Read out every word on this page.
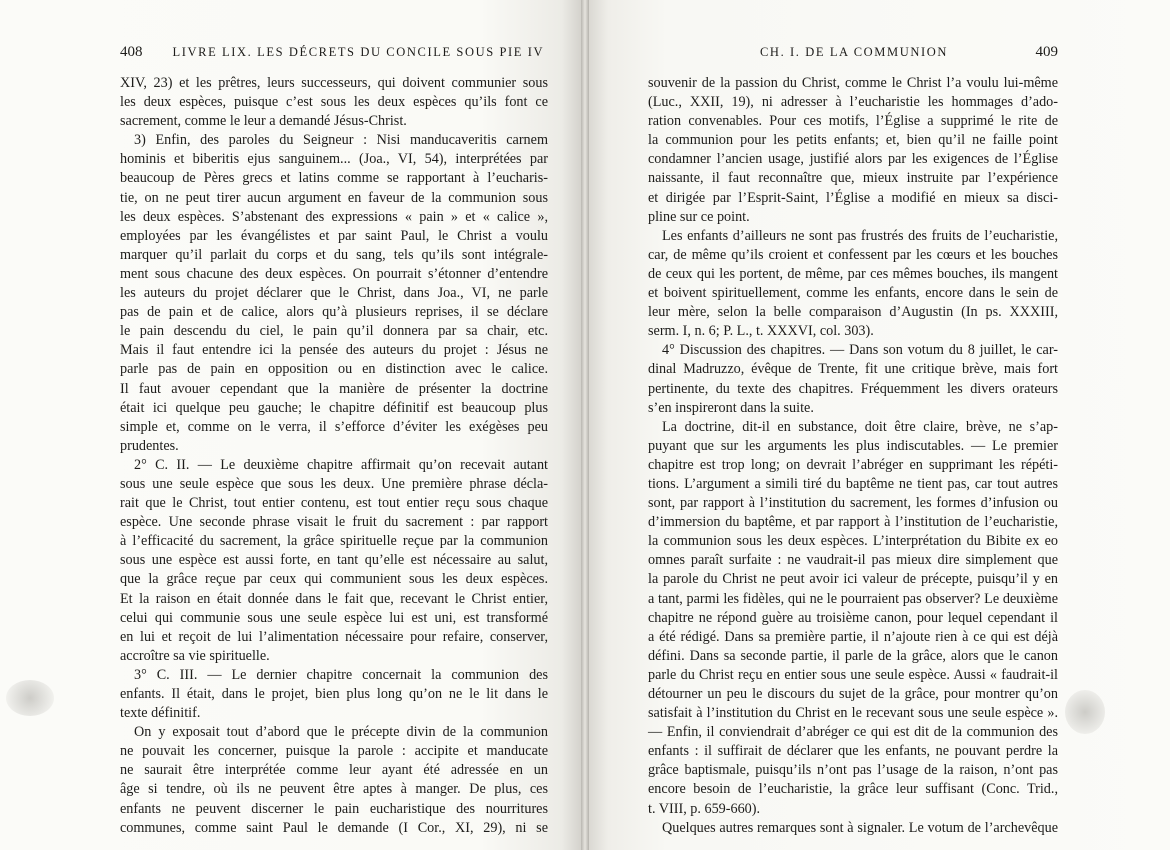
408 LIVRE LIX. LES DÉCRETS DU CONCILE SOUS PIE IV	CH. I. DE LA COMMUNION	409
XIV, 23) et les prêtres, leurs successeurs, qui doivent communier sous
les deux espèces, puisque c’est sous les deux espèces qu’ils font ce
sacrement, comme le leur a demandé Jésus-Christ.
3) Enfin, des paroles du Seigneur : Nisi manducaveritis carnem
hominis et biberitis ejus sanguinem... (Joa., VI, 54), interprétées par
beaucoup de Pères grecs et latins comme se rapportant à l’eucharis-
tie, on ne peut tirer aucun argument en faveur de la communion sous
les deux espèces. S’abstenant des expressions « pain » et « calice »,
employées par les évangélistes et par saint Paul, le Christ a voulu
marquer qu’il parlait du corps et du sang, tels qu’ils sont intégrale-
ment sous chacune des deux espèces. On pourrait s’étonner d’entendre
les auteurs du projet déclarer que le Christ, dans Joa., VI, ne parle
pas de pain et de calice, alors qu’à plusieurs reprises, il se déclare
le pain descendu du ciel, le pain qu’il donnera par sa chair, etc.
Mais il faut entendre ici la pensée des auteurs du projet : Jésus ne
parle pas de pain en opposition ou en distinction avec le calice.
Il faut avouer cependant que la manière de présenter la doctrine
était ici quelque peu gauche; le chapitre définitif est beaucoup plus
simple et, comme on le verra, il s’efforce d’éviter les exégèses peu
prudentes.
2° C. II. — Le deuxième chapitre affirmait qu’on recevait autant
sous une seule espèce que sous les deux. Une première phrase décla-
rait que le Christ, tout entier contenu, est tout entier reçu sous chaque
espèce. Une seconde phrase visait le fruit du sacrement : par rapport
à l’efficacité du sacrement, la grâce spirituelle reçue par la communion
sous une espèce est aussi forte, en tant qu’elle est nécessaire au salut,
que la grâce reçue par ceux qui communient sous les deux espèces.
Et la raison en était donnée dans le fait que, recevant le Christ entier,
celui qui communie sous une seule espèce lui est uni, est transformé
en lui et reçoit de lui l’alimentation nécessaire pour refaire, conserver,
accroître sa vie spirituelle.
3° C. III. — Le dernier chapitre concernait la communion des
enfants. Il était, dans le projet, bien plus long qu’on ne le lit dans le
texte définitif.
On y exposait tout d’abord que le précepte divin de la communion
ne pouvait les concerner, puisque la parole : accipite et manducate
ne saurait être interprétée comme leur ayant été adressée en un
âge si tendre, où ils ne peuvent être aptes à manger. De plus, ces
enfants ne peuvent discerner le pain eucharistique des nourritures
communes, comme saint Paul le demande (I Cor., XI, 29), ni se
souvenir de la passion du Christ, comme le Christ l’a voulu lui-même
(Luc., XXII, 19), ni adresser à l’eucharistie les hommages d’ado-
ration convenables. Pour ces motifs, l’Église a supprimé le rite de
la communion pour les petits enfants; et, bien qu’il ne faille point
condamner l’ancien usage, justifié alors par les exigences de l’Église
naissante, il faut reconnaître que, mieux instruite par l’expérience
et dirigée par l’Esprit-Saint, l’Église a modifié en mieux sa disci-
pline sur ce point.
Les enfants d’ailleurs ne sont pas frustrés des fruits de l’eucharistie,
car, de même qu’ils croient et confessent par les cœurs et les bouches
de ceux qui les portent, de même, par ces mêmes bouches, ils mangent
et boivent spirituellement, comme les enfants, encore dans le sein de
leur mère, selon la belle comparaison d’Augustin (In ps. XXXIII,
serm. I, n. 6; P. L., t. XXXVI, col. 303).
4° Discussion des chapitres. — Dans son votum du 8 juillet, le car-
dinal Madruzzo, évêque de Trente, fit une critique brève, mais fort
pertinente, du texte des chapitres. Fréquemment les divers orateurs
s’en inspireront dans la suite.
La doctrine, dit-il en substance, doit être claire, brève, ne s’ap-
puyant que sur les arguments les plus indiscutables. — Le premier
chapitre est trop long; on devrait l’abréger en supprimant les répéti-
tions. L’argument a simili tiré du baptême ne tient pas, car tout autres
sont, par rapport à l’institution du sacrement, les formes d’infusion ou
d’immersion du baptême, et par rapport à l’institution de l’eucharistie,
la communion sous les deux espèces. L’interprétation du Bibite ex eo
omnes paraît surfaite : ne vaudrait-il pas mieux dire simplement que
la parole du Christ ne peut avoir ici valeur de précepte, puisqu’il y en
a tant, parmi les fidèles, qui ne le pourraient pas observer? Le deuxième
chapitre ne répond guère au troisième canon, pour lequel cependant il
a été rédigé. Dans sa première partie, il n’ajoute rien à ce qui est déjà
défini. Dans sa seconde partie, il parle de la grâce, alors que le canon
parle du Christ reçu en entier sous une seule espèce. Aussi « faudrait-il
détourner un peu le discours du sujet de la grâce, pour montrer qu’on
satisfait à l’institution du Christ en le recevant sous une seule espèce ».
— Enfin, il conviendrait d’abréger ce qui est dit de la communion des
enfants : il suffirait de déclarer que les enfants, ne pouvant perdre la
grâce baptismale, puisqu’ils n’ont pas l’usage de la raison, n’ont pas
encore besoin de l’eucharistie, la grâce leur suffisant (Conc. Trid.,
t. VIII, p. 659-660).
Quelques autres remarques sont à signaler. Le votum de l’archevêque
